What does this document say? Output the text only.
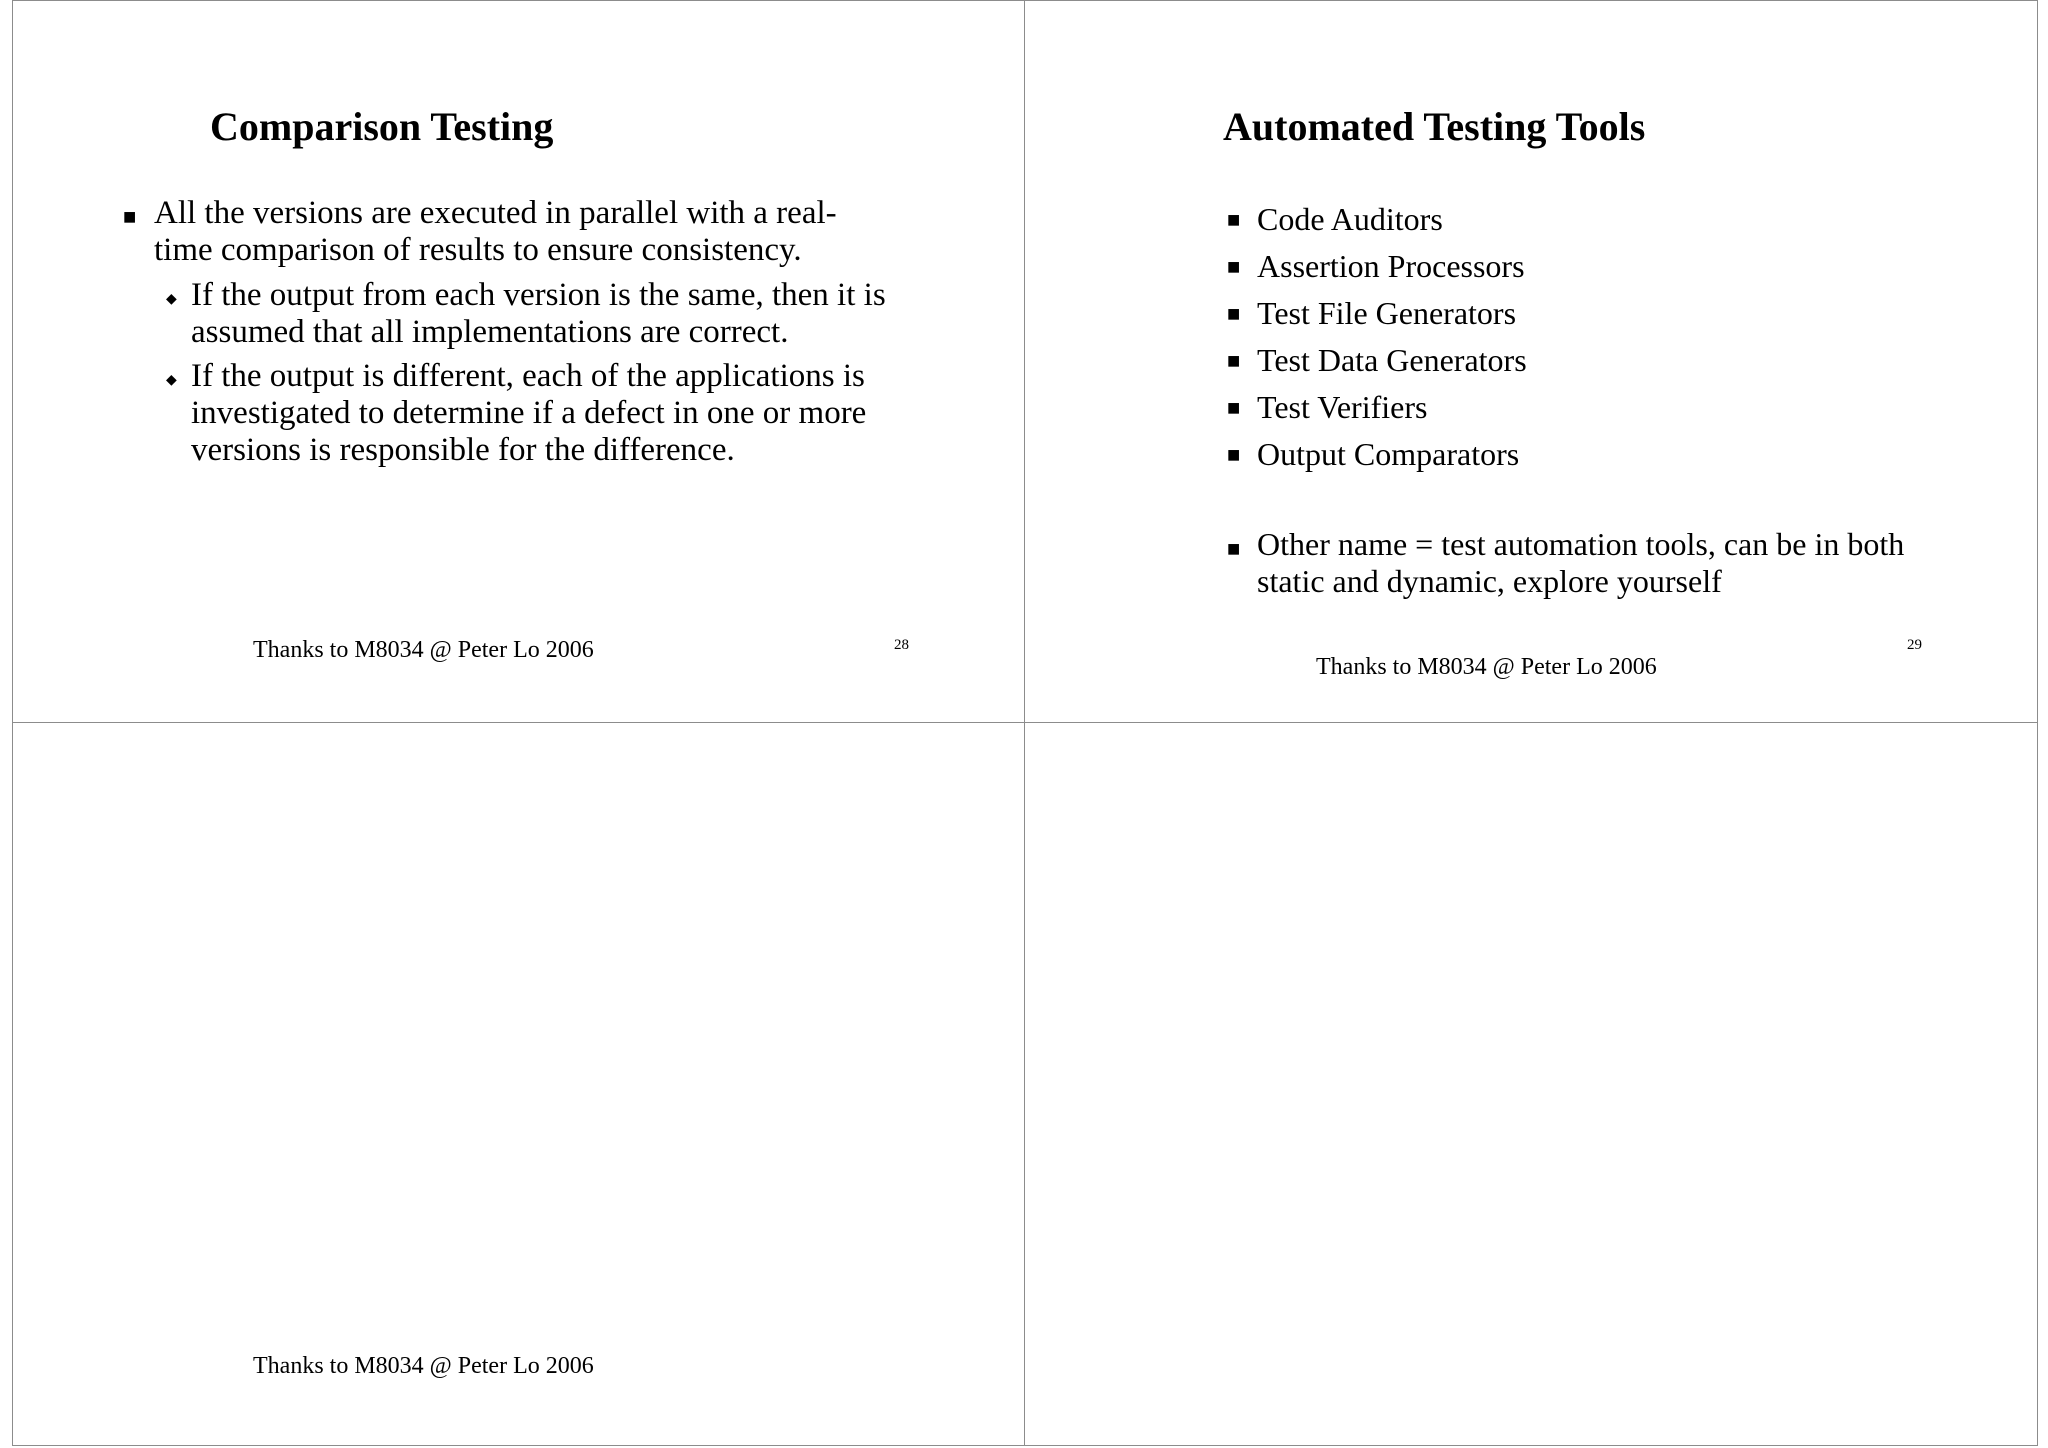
Comparison Testing
■ All the versions are executed in parallel with a real-time comparison of results to ensure consistency.
◆ If the output from each version is the same, then it is assumed that all implementations are correct.
◆ If the output is different, each of the applications is investigated to determine if a defect in one or more versions is responsible for the difference.
Thanks to M8034 @ Peter Lo 2006	28
Automated Testing Tools
■ Code Auditors
■ Assertion Processors
■ Test File Generators
■ Test Data Generators
■ Test Verifiers
■ Output Comparators
■ Other name = test automation tools, can be in both static and dynamic, explore yourself
Thanks to M8034 @ Peter Lo 2006
29
Thanks to M8034 @ Peter Lo 2006
